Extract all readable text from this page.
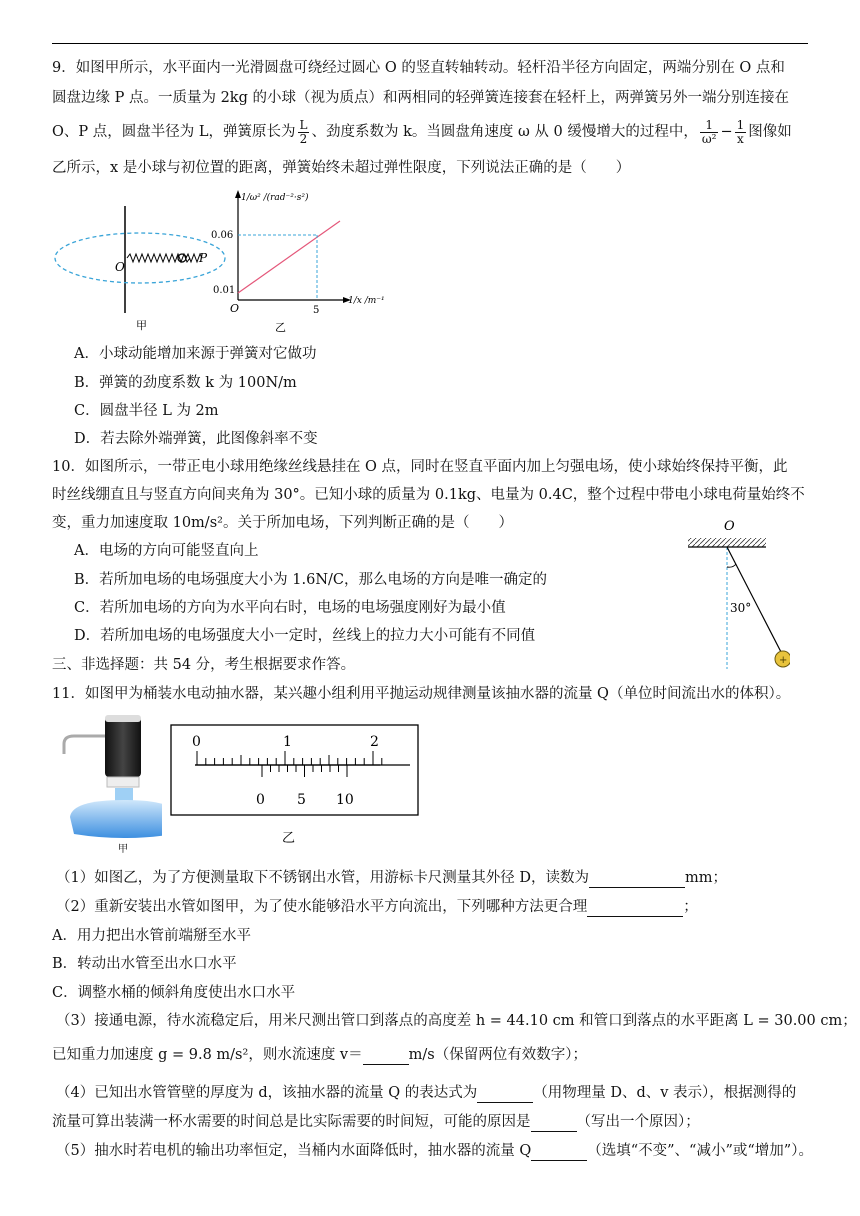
9．如图甲所示，水平面内一光滑圆盘可绕经过圆心 O 的竖直转轴转动。轻杆沿半径方向固定，两端分别在 O 点和
圆盘边缘 P 点。一质量为 2kg 的小球（视为质点）和两相同的轻弹簧连接套在轻杆上，两弹簧另外一端分别连接在
O、P 点，圆盘半径为 L，弹簧原长为 $\frac{L}{2}$ 、劲度系数为 k。当圆盘角速度 ω 从 0 缓慢增大的过程中， $\frac{1}{\text{ω²}} - \frac{1}{x}$ 图像如
乙所示，x 是小球与初位置的距离，弹簧始终未超过弹性限度，下列说法正确的是（　　）
O
P
甲
1/ω² /(rad⁻²·s²)
1/x /m⁻¹
0.06
0.01
O	5
乙
A．小球动能增加来源于弹簧对它做功
B．弹簧的劲度系数 k 为 100N/m
C．圆盘半径 L 为 2m
D．若去除外端弹簧，此图像斜率不变
10．如图所示，一带正电小球用绝缘丝线悬挂在 O 点，同时在竖直平面内加上匀强电场，使小球始终保持平衡，此
时丝线绷直且与竖直方向间夹角为 30°。已知小球的质量为 0.1kg、电量为 0.4C，整个过程中带电小球电荷量始终不
变，重力加速度取 10m/s²。关于所加电场，下列判断正确的是（　　）	O
30°
+
A．电场的方向可能竖直向上
B．若所加电场的电场强度大小为 1.6N/C，那么电场的方向是唯一确定的
C．若所加电场的方向为水平向右时，电场的电场强度刚好为最小值
D．若所加电场的电场强度大小一定时，丝线上的拉力大小可能有不同值
三、非选择题：共 54 分，考生根据要求作答。
11．如图甲为桶装水电动抽水器，某兴趣小组利用平抛运动规律测量该抽水器的流量 Q（单位时间流出水的体积）。
甲
0	1	2
0 5 10
乙
（1）如图乙，为了方便测量取下不锈钢出水管，用游标卡尺测量其外径 D，读数为	mm；
（2）重新安装出水管如图甲，为了使水能够沿水平方向流出，下列哪种方法更合理	；
A．用力把出水管前端掰至水平
B．转动出水管至出水口水平
C．调整水桶的倾斜角度使出水口水平
（3）接通电源，待水流稳定后，用米尺测出管口到落点的高度差 h = 44.10 cm 和管口到落点的水平距离 L = 30.00 cm；
已知重力加速度 g = 9.8 m/s²，则水流速度 v＝	m/s（保留两位有效数字）；
（4）已知出水管管壁的厚度为 d，该抽水器的流量 Q 的表达式为	（用物理量 D、d、v 表示），根据测得的
流量可算出装满一杯水需要的时间总是比实际需要的时间短，可能的原因是	（写出一个原因）；
（5）抽水时若电机的输出功率恒定，当桶内水面降低时，抽水器的流量 Q	（选填“不变”、“减小”或“增加”）。
